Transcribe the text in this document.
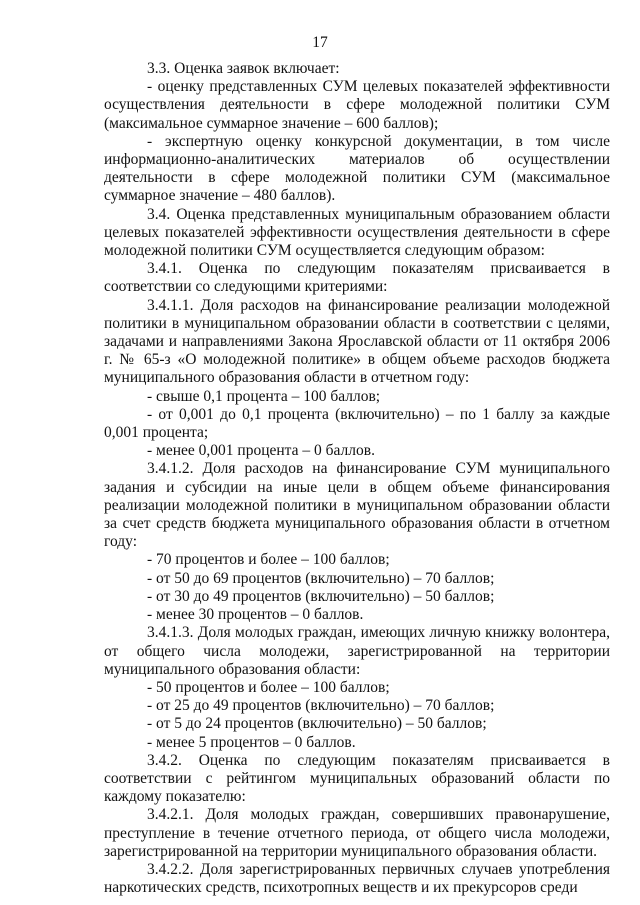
17

3.3. Оценка заявок включает:

- оценку представленных СУМ целевых показателей эффективности осуществления деятельности в сфере молодежной политики СУМ (максимальное суммарное значение – 600 баллов);

- экспертную оценку конкурсной документации, в том числе информационно-аналитических материалов об осуществлении деятельности в сфере молодежной политики СУМ (максимальное суммарное значение – 480 баллов).

3.4. Оценка представленных муниципальным образованием области целевых показателей эффективности осуществления деятельности в сфере молодежной политики СУМ осуществляется следующим образом:

3.4.1. Оценка по следующим показателям присваивается в соответствии со следующими критериями:

3.4.1.1. Доля расходов на финансирование реализации молодежной политики в муниципальном образовании области в соответствии с целями, задачами и направлениями Закона Ярославской области от 11 октября 2006 г. № 65-з «О молодежной политике» в общем объеме расходов бюджета муниципального образования области в отчетном году:

- свыше 0,1 процента – 100 баллов;

- от 0,001 до 0,1 процента (включительно) – по 1 баллу за каждые 0,001 процента;

- менее 0,001 процента – 0 баллов.

3.4.1.2. Доля расходов на финансирование СУМ муниципального задания и субсидии на иные цели в общем объеме финансирования реализации молодежной политики в муниципальном образовании области за счет средств бюджета муниципального образования области в отчетном году:

- 70 процентов и более – 100 баллов;

- от 50 до 69 процентов (включительно) – 70 баллов;

- от 30 до 49 процентов (включительно) – 50 баллов;

- менее 30 процентов – 0 баллов.

3.4.1.3. Доля молодых граждан, имеющих личную книжку волонтера, от общего числа молодежи, зарегистрированной на территории муниципального образования области:

- 50 процентов и более – 100 баллов;

- от 25 до 49 процентов (включительно) – 70 баллов;

- от 5 до 24 процентов (включительно) – 50 баллов;

- менее 5 процентов – 0 баллов.

3.4.2. Оценка по следующим показателям присваивается в соответствии с рейтингом муниципальных образований области по каждому показателю:

3.4.2.1. Доля молодых граждан, совершивших правонарушение, преступление в течение отчетного периода, от общего числа молодежи, зарегистрированной на территории муниципального образования области.

3.4.2.2. Доля зарегистрированных первичных случаев употребления наркотических средств, психотропных веществ и их прекурсоров среди
